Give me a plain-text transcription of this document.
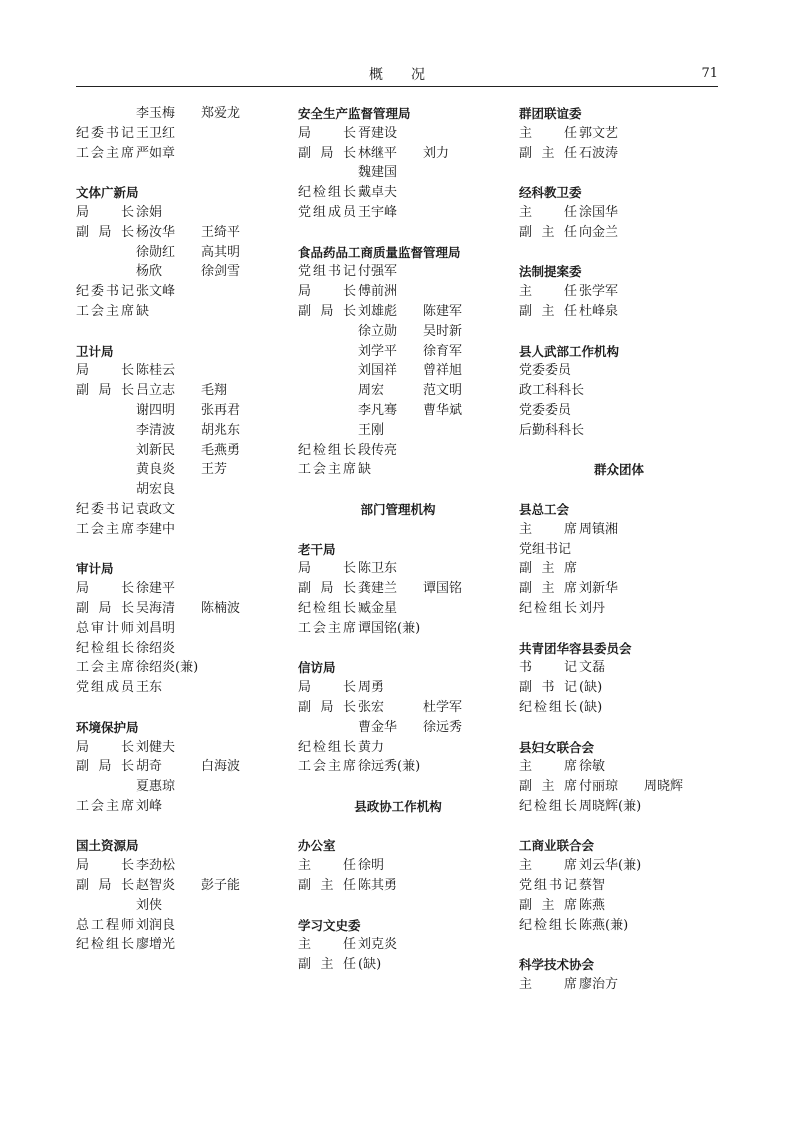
概况	71
李玉梅 郑爱龙
纪委书记 王卫红
工会主席 严如章
文体广新局
局长 涂娟
副局长 杨汝华 王绮平
徐勋红 高其明
杨欣	徐剑雪
纪委书记 张文峰
工会主席 缺
卫计局
局长 陈桂云
副局长 吕立志 毛翔
谢四明 张再君
李清波 胡兆东
刘新民 毛燕勇
黄良炎 王芳
胡宏良
纪委书记 袁政文
工会主席 李建中
审计局
局长 徐建平
副局长 吴海清 陈楠波
总审计师 刘昌明
纪检组长 徐绍炎
工会主席 徐绍炎(兼)
党组成员 王东
环境保护局
局长 刘健夫
副局长 胡奇	白海波
夏惠琼
工会主席 刘峰
国土资源局
局长 李劲松
副局长 赵智炎 彭子能
刘侠
总工程师 刘润良
纪检组长 廖增光
安全生产监督管理局
局长 胥建设
副局长 林继平 刘力
魏建国
纪检组长 戴卓夫
党组成员 王宇峰
食品药品工商质量监督管理局
党组书记 付强军
局长 傅前洲
副局长 刘雄彪 陈建军
徐立勋 吴时新
刘学平 徐育军
刘国祥 曾祥旭
周宏	范文明
李凡骞 曹华斌
王刚
纪检组长 段传亮
工会主席 缺
部门管理机构
老干局
局长 陈卫东
副局长 龚建兰 谭国铭
纪检组长 臧金星
工会主席 谭国铭(兼)
信访局
局长 周勇
副局长 张宏	杜学军
曹金华 徐远秀
纪检组长 黄力
工会主席 徐远秀(兼)
县政协工作机构
办公室
主任 徐明
副主任 陈其勇
学习文史委
主任 刘克炎
副主任 (缺)
群团联谊委
主任 郭文艺
副主任 石波涛
经科教卫委
主任 涂国华
副主任 向金兰
法制提案委
主任 张学军
副主任 杜峰泉
县人武部工作机构
党委委员
政工科科长
党委委员
后勤科科长
群众团体
县总工会
主席 周镇湘
党组书记
副主席
副主席 刘新华
纪检组长 刘丹
共青团华容县委员会
书记 文磊
副书记 (缺)
纪检组长 (缺)
县妇女联合会
主席 徐敏
副主席 付丽琼 周晓辉
纪检组长 周晓辉(兼)
工商业联合会
主席 刘云华(兼)
党组书记 蔡智
副主席 陈燕
纪检组长 陈燕(兼)
科学技术协会
主席 廖治方
